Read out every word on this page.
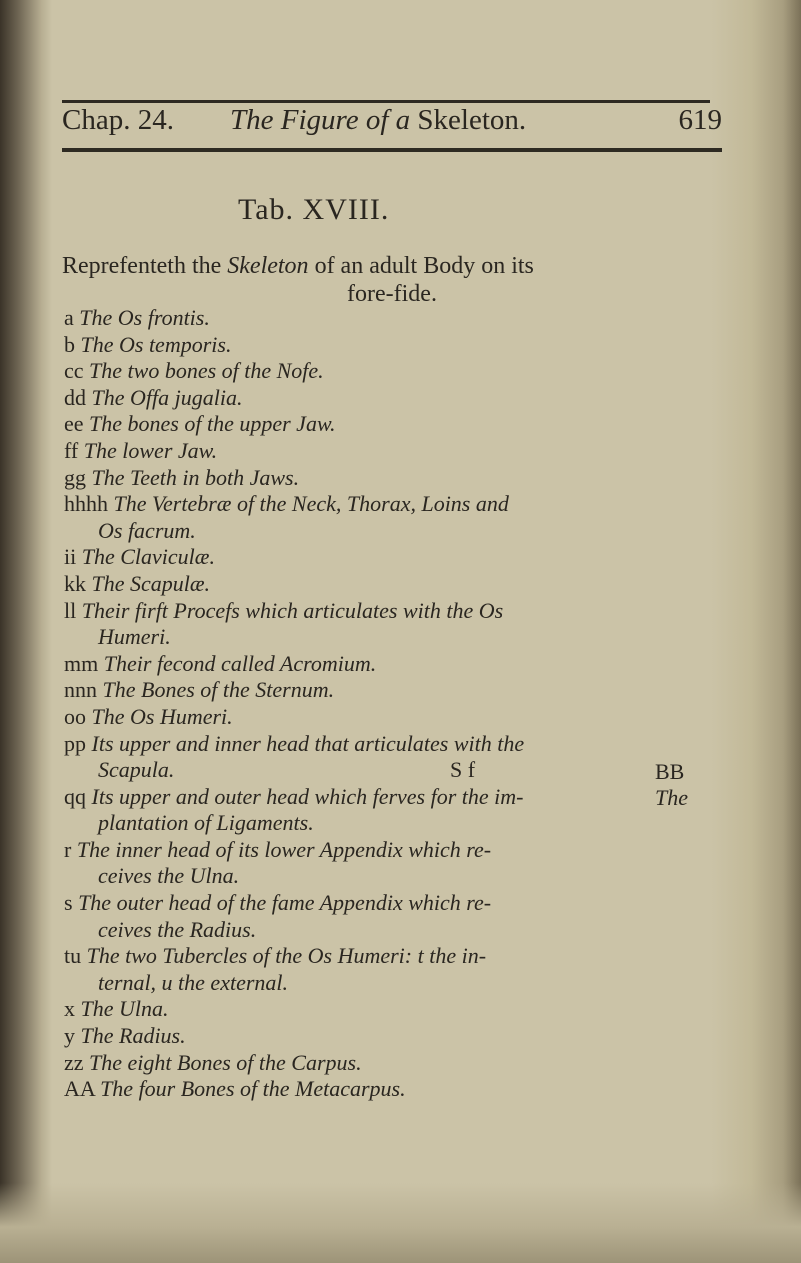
Chap. 24. The Figure of a Skeleton.	619
Tab. XVIII.
Reprefenteth the Skeleton of an adult Body on its
fore-fide.
a The Os frontis.
b The Os temporis.
cc The two bones of the Nofe.
dd The Offa jugalia.
ee The bones of the upper Jaw.
ff The lower Jaw.
gg The Teeth in both Jaws.
hhhh The Vertebræ of the Neck, Thorax, Loins and
Os facrum.
ii The Claviculæ.
kk The Scapulæ.
ll Their firft Procefs which articulates with the Os
Humeri.
mm Their fecond called Acromium.
nnn The Bones of the Sternum.
oo The Os Humeri.
pp Its upper and inner head that articulates with the
Scapula.
qq Its upper and outer head which ferves for the im-
plantation of Ligaments.
r The inner head of its lower Appendix which re-
ceives the Ulna.
s The outer head of the fame Appendix which re-
ceives the Radius.
tu The two Tubercles of the Os Humeri: t the in-
ternal, u the external.
x The Ulna.
y The Radius.
zz The eight Bones of the Carpus.
AA The four Bones of the Metacarpus.
S f	BB The
